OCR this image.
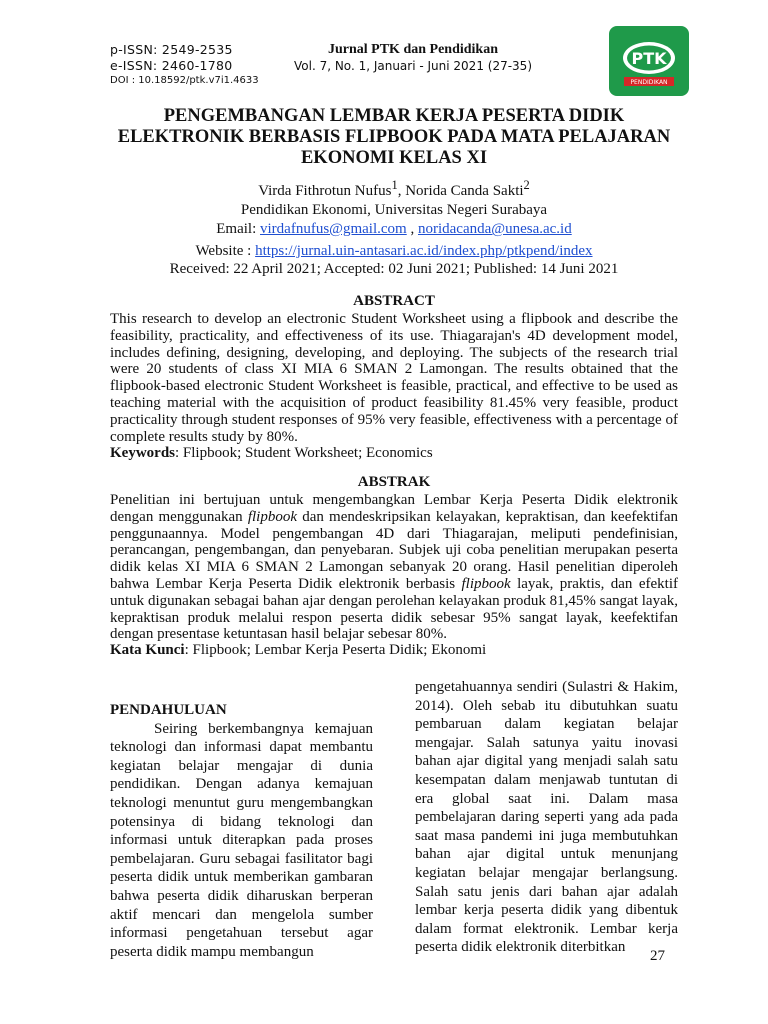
p-ISSN: 2549-2535
e-ISSN: 2460-1780
DOI : 10.18592/ptk.v7i1.4633
Jurnal PTK dan Pendidikan
Vol. 7, No. 1, Januari - Juni 2021 (27-35)	PTK
PENDIDIKAN
PENGEMBANGAN LEMBAR KERJA PESERTA DIDIK ELEKTRONIK BERBASIS FLIPBOOK PADA MATA PELAJARAN EKONOMI KELAS XI
Virda Fithrotun Nufus$^1$, Norida Canda Sakti$^2$
Pendidikan Ekonomi, Universitas Negeri Surabaya
Email: virdafnufus@gmail.com , noridacanda@unesa.ac.id
Website : https://jurnal.uin-antasari.ac.id/index.php/ptkpend/index
Received: 22 April 2021; Accepted: 02 Juni 2021; Published: 14 Juni 2021
ABSTRACT
This research to develop an electronic Student Worksheet using a flipbook and describe the feasibility, practicality, and effectiveness of its use. Thiagarajan's 4D development model, includes defining, designing, developing, and deploying. The subjects of the research trial were 20 students of class XI MIA 6 SMAN 2 Lamongan. The results obtained that the flipbook-based electronic Student Worksheet is feasible, practical, and effective to be used as teaching material with the acquisition of product feasibility 81.45% very feasible, product practicality through student responses of 95% very feasible, effectiveness with a percentage of complete results study by 80%.
Keywords: Flipbook; Student Worksheet; Economics
ABSTRAK
Penelitian ini bertujuan untuk mengembangkan Lembar Kerja Peserta Didik elektronik dengan menggunakan flipbook dan mendeskripsikan kelayakan, kepraktisan, dan keefektifan penggunaannya. Model pengembangan 4D dari Thiagarajan, meliputi pendefinisian, perancangan, pengembangan, dan penyebaran. Subjek uji coba penelitian merupakan peserta didik kelas XI MIA 6 SMAN 2 Lamongan sebanyak 20 orang. Hasil penelitian diperoleh bahwa Lembar Kerja Peserta Didik elektronik berbasis flipbook layak, praktis, dan efektif untuk digunakan sebagai bahan ajar dengan perolehan kelayakan produk 81,45% sangat layak, kepraktisan produk melalui respon peserta didik sebesar 95% sangat layak, keefektifan dengan presentase ketuntasan hasil belajar sebesar 80%.
Kata Kunci: Flipbook; Lembar Kerja Peserta Didik; Ekonomi

PENDAHULUAN

Seiring berkembangnya kemajuan teknologi dan informasi dapat membantu kegiatan belajar mengajar di dunia pendidikan. Dengan adanya kemajuan teknologi menuntut guru mengembangkan potensinya di bidang teknologi dan informasi untuk diterapkan pada proses pembelajaran. Guru sebagai fasilitator bagi peserta didik untuk memberikan gambaran bahwa peserta didik diharuskan berperan aktif mencari dan mengelola sumber informasi pengetahuan tersebut agar peserta didik mampu membangun

pengetahuannya sendiri (Sulastri & Hakim, 2014). Oleh sebab itu dibutuhkan suatu pembaruan dalam kegiatan belajar mengajar. Salah satunya yaitu inovasi bahan ajar digital yang menjadi salah satu kesempatan dalam menjawab tuntutan di era global saat ini. Dalam masa pembelajaran daring seperti yang ada pada saat masa pandemi ini juga membutuhkan bahan ajar digital untuk menunjang kegiatan belajar mengajar berlangsung. Salah satu jenis dari bahan ajar adalah lembar kerja peserta didik yang dibentuk dalam format elektronik. Lembar kerja peserta didik elektronik diterbitkan

27
